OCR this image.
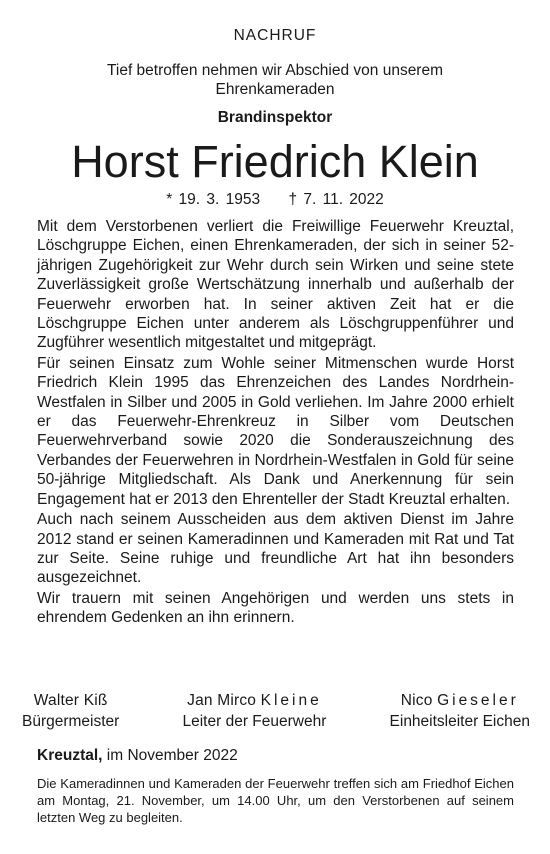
NACHRUF
Tief betroffen nehmen wir Abschied von unserem
Ehrenkameraden
Brandinspektor
Horst Friedrich Klein
* 19. 3. 1953 † 7. 11. 2022

Mit dem Verstorbenen verliert die Freiwillige Feuerwehr Kreuztal, Löschgruppe Eichen, einen Ehrenkameraden, der sich in seiner 52-jährigen Zugehörigkeit zur Wehr durch sein Wirken und seine stete Zuverlässigkeit große Wertschätzung innerhalb und außerhalb der Feuerwehr erworben hat. In seiner aktiven Zeit hat er die Löschgruppe Eichen unter anderem als Löschgruppenführer und Zugführer wesentlich mitgestaltet und mitgeprägt.

Für seinen Einsatz zum Wohle seiner Mitmenschen wurde Horst Friedrich Klein 1995 das Ehrenzeichen des Landes Nordrhein-Westfalen in Silber und 2005 in Gold verliehen. Im Jahre 2000 erhielt er das Feuerwehr-Ehrenkreuz in Silber vom Deutschen Feuerwehrverband sowie 2020 die Sonderauszeichnung des Verbandes der Feuerwehren in Nordrhein-Westfalen in Gold für seine 50-jährige Mitgliedschaft. Als Dank und Anerkennung für sein Engagement hat er 2013 den Ehrenteller der Stadt Kreuztal erhalten.

Auch nach seinem Ausscheiden aus dem aktiven Dienst im Jahre 2012 stand er seinen Kameradinnen und Kameraden mit Rat und Tat zur Seite. Seine ruhige und freundliche Art hat ihn besonders ausgezeichnet.

Wir trauern mit seinen Angehörigen und werden uns stets in ehrendem Gedenken an ihn erinnern.

Walter Kiß
Bürgermeister
Jan Mirco Kleine
Leiter der Feuerwehr
Nico Gieseler
Einheitsleiter Eichen
Kreuztal, im November 2022
Die Kameradinnen und Kameraden der Feuerwehr treffen sich am Friedhof Eichen am Montag, 21. November, um 14.00 Uhr, um den Verstorbenen auf seinem letzten Weg zu begleiten.
